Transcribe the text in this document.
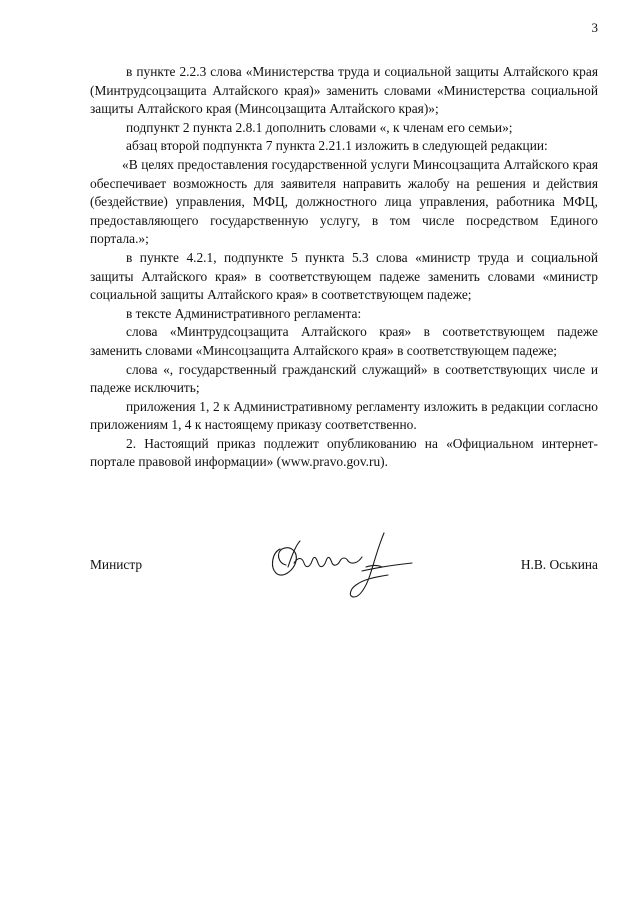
3

в пункте 2.2.3 слова «Министерства труда и социальной защиты Алтайского края (Минтрудсоцзащита Алтайского края)» заменить словами «Министерства социальной защиты Алтайского края (Минсоцзащита Алтайского края)»;

подпункт 2 пункта 2.8.1 дополнить словами «, к членам его семьи»;

абзац второй подпункта 7 пункта 2.21.1 изложить в следующей редакции:

«В целях предоставления государственной услуги Минсоцзащита Алтайского края обеспечивает возможность для заявителя направить жалобу на решения и действия (бездействие) управления, МФЦ, должностного лица управления, работника МФЦ, предоставляющего государственную услугу, в том числе посредством Единого портала.»;

в пункте 4.2.1, подпункте 5 пункта 5.3 слова «министр труда и социальной защиты Алтайского края» в соответствующем падеже заменить словами «министр социальной защиты Алтайского края» в соответствующем падеже;

в тексте Административного регламента:

слова «Минтрудсоцзащита Алтайского края» в соответствующем падеже заменить словами «Минсоцзащита Алтайского края» в соответствующем падеже;

слова «, государственный гражданский служащий» в соответствующих числе и падеже исключить;

приложения 1, 2 к Административному регламенту изложить в редакции согласно приложениям 1, 4 к настоящему приказу соответственно.

2. Настоящий приказ подлежит опубликованию на «Официальном интернет-портале правовой информации» (www.pravo.gov.ru).

Министр	Н.В. Оськина
